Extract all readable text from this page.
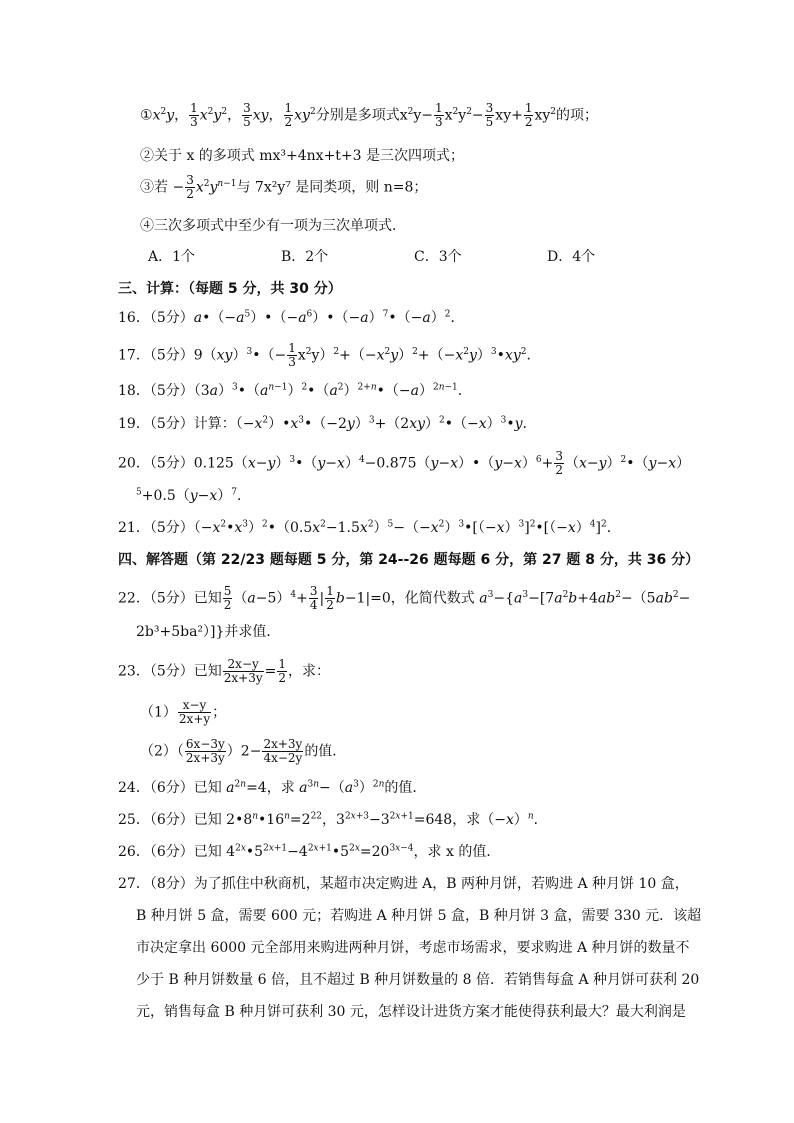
$①x^2y$， $\frac{1}{3} x^2y^2$， $\frac{3}{5}$ xy， $\frac{1}{2} xy^2$分别是多项式$x^2y- \frac{1}{3} x^2y^2- \frac{3}{5} xy+ \frac{1}{2} xy^2$的项；
②关于 x 的多项式 mx³+4nx+t+3 是三次四项式；
③若 − $\frac{3}{2} x^2y^{n-1}$与 7x²y⁷ 是同类项，则 n=8；
④三次多项式中至少有一项为三次单项式．
A．1个	B．2个	C．3个	D．4个
三、计算：（每题 5 分，共 30 分）
16．（5分）$a•(-a^5)•(-a^6)•(-a)^7•(-a)^2$．
17．（5分）9（xy）$^3$•（− $\frac{1}{3}$ $x^2y)^2+(-x^2y)^2+(-x^2y)^3•xy^2$．
18．（5分）$(3a)^3•(a^{n-1})^2•(a^2)^{2+n}•(-a)^{2n-1}$．
19．（5分）计算：$(-x^2)•x^3•(-2y)^3+(2xy)^2•(-x)^3•y$．
20．（5分）$0.125(x-y)^3•(y-x)^4-0.875(y-x)•(y-x)^6+ \frac{3}{2}$ $(x-y)^2•(y-x)$
$^5+0.5(y-x)^7$．
21．（5分）$(-x^2•x^3)^2•(0.5x^2-1.5x^2)^5-(-x^2)^3•[(-x)^3]^2•[(-x)^4]^2$．
四、解答题（第 22/23 题每题 5 分，第 24--26 题每题 6 分，第 27 题 8 分，共 36 分）
22．（5分）已知 $\frac{5}{2} (a-5)^4+ \frac{3}{4}$ | $\frac{1}{2} b-1|=0$，化简代数式 $a^3-\{a^3-[7a^2b+4ab^2-(5ab^2-$
2b³+5ba²）]}并求值．
23．（5分）已知 $\frac{2x-y}{2x+3y} = \frac{1}{2}$ ，求：
$(1) \frac{x-y}{2x+y}$ ；
$(2)( \frac{6x-3y}{2x+3y} )2- \frac{2x+3y}{4x-2y}$ 的值．
24．（6分）已知 $a^{2n}=4$，求 $a^{3n}-(a^3)^{2n}$的值．
25．（6分）已知 $2•8^n•16^n=2^{22}$，$3^{2x+3}-3^{2x+1}=648$，求$(-x)^n$．
26．（6分）已知 $4^{2x}•5^{2x+1}-4^{2x+1}•5^{2x}=20^{3x-4}$，求 x 的值．
27．（8分）为了抓住中秋商机，某超市决定购进 A，B 两种月饼，若购进 A 种月饼 10 盒，
B 种月饼 5 盒，需要 600 元；若购进 A 种月饼 5 盒，B 种月饼 3 盒，需要 330 元．该超
市决定拿出 6000 元全部用来购进两种月饼，考虑市场需求，要求购进 A 种月饼的数量不
少于 B 种月饼数量 6 倍，且不超过 B 种月饼数量的 8 倍．若销售每盒 A 种月饼可获利 20
元，销售每盒 B 种月饼可获利 30 元，怎样设计进货方案才能使得获利最大？最大利润是
